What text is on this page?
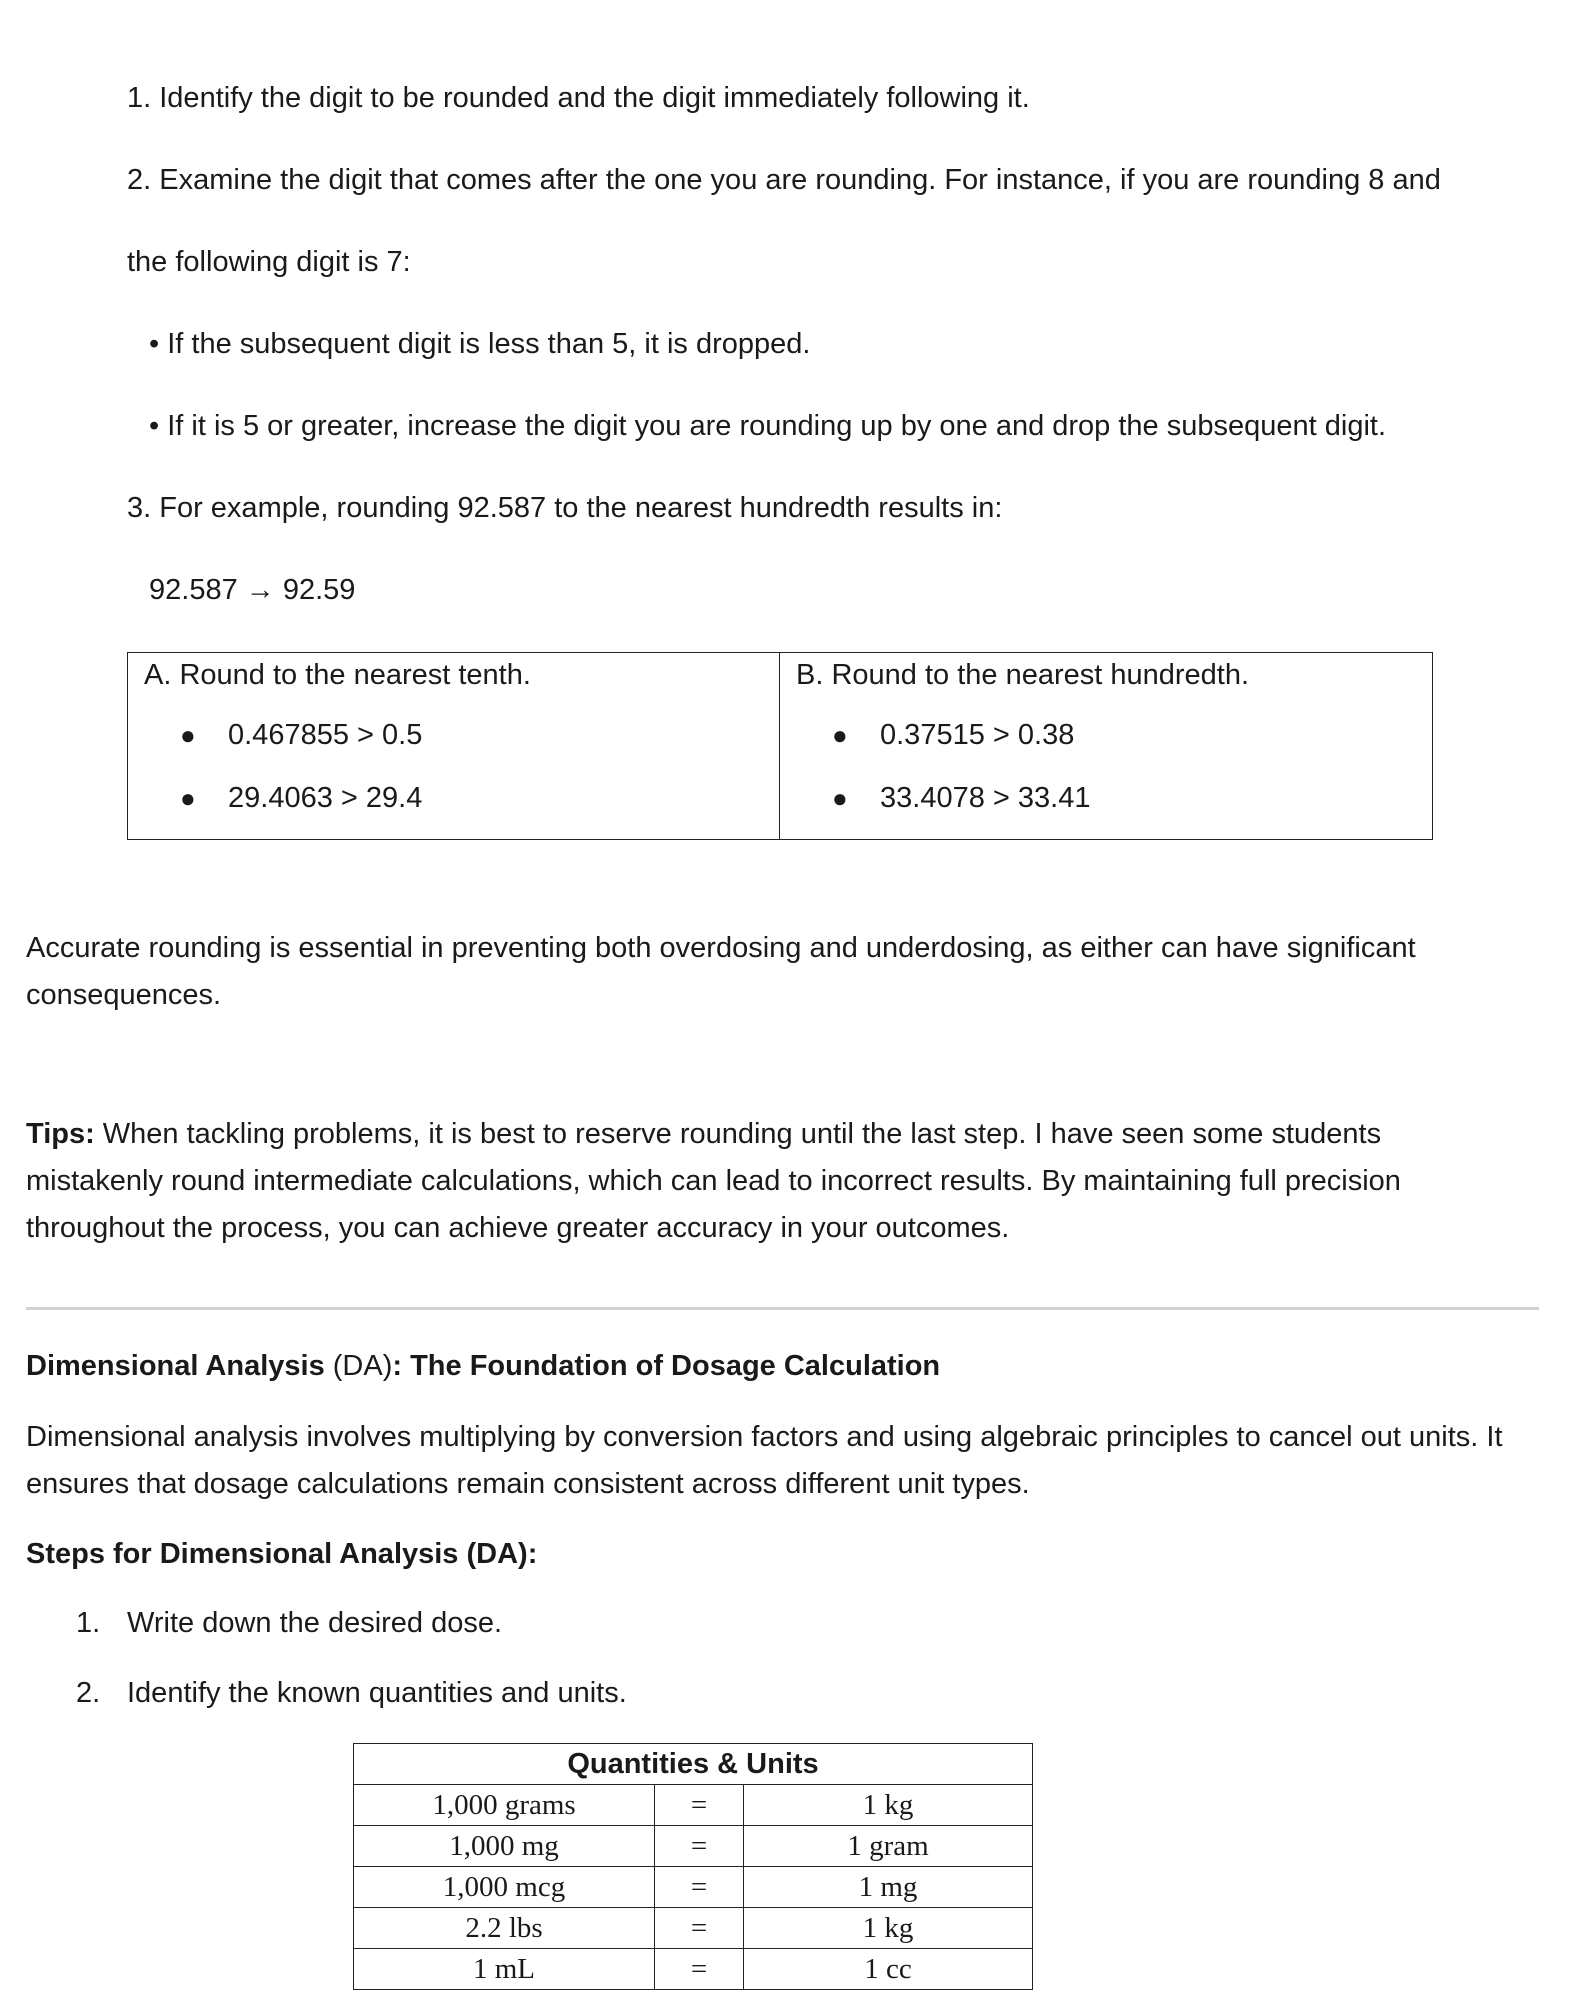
1. Identify the digit to be rounded and the digit immediately following it.

2. Examine the digit that comes after the one you are rounding. For instance, if you are rounding 8 and

the following digit is 7:

• If the subsequent digit is less than 5, it is dropped.

• If it is 5 or greater, increase the digit you are rounding up by one and drop the subsequent digit.

3. For example, rounding 92.587 to the nearest hundredth results in:

92.587 → 92.59

A. Round to the nearest tenth.
●	0.467855 > 0.5
●	29.4063 > 29.4
B. Round to the nearest hundredth.
●	0.37515 > 0.38
●	33.4078 > 33.41

Accurate rounding is essential in preventing both overdosing and underdosing, as either can have significant consequences.

Tips: When tackling problems, it is best to reserve rounding until the last step. I have seen some students mistakenly round intermediate calculations, which can lead to incorrect results. By maintaining full precision throughout the process, you can achieve greater accuracy in your outcomes.

Dimensional Analysis (DA): The Foundation of Dosage Calculation

Dimensional analysis involves multiplying by conversion factors and using algebraic principles to cancel out units. It ensures that dosage calculations remain consistent across different unit types.

Steps for Dimensional Analysis (DA):

1. Write down the desired dose.

2. Identify the known quantities and units.

Quantities & Units		
1,000 grams	=	1 kg
1,000 mg	=	1 gram
1,000 mcg	=	1 mg
2.2 lbs	=	1 kg
1 mL	=	1 cc
